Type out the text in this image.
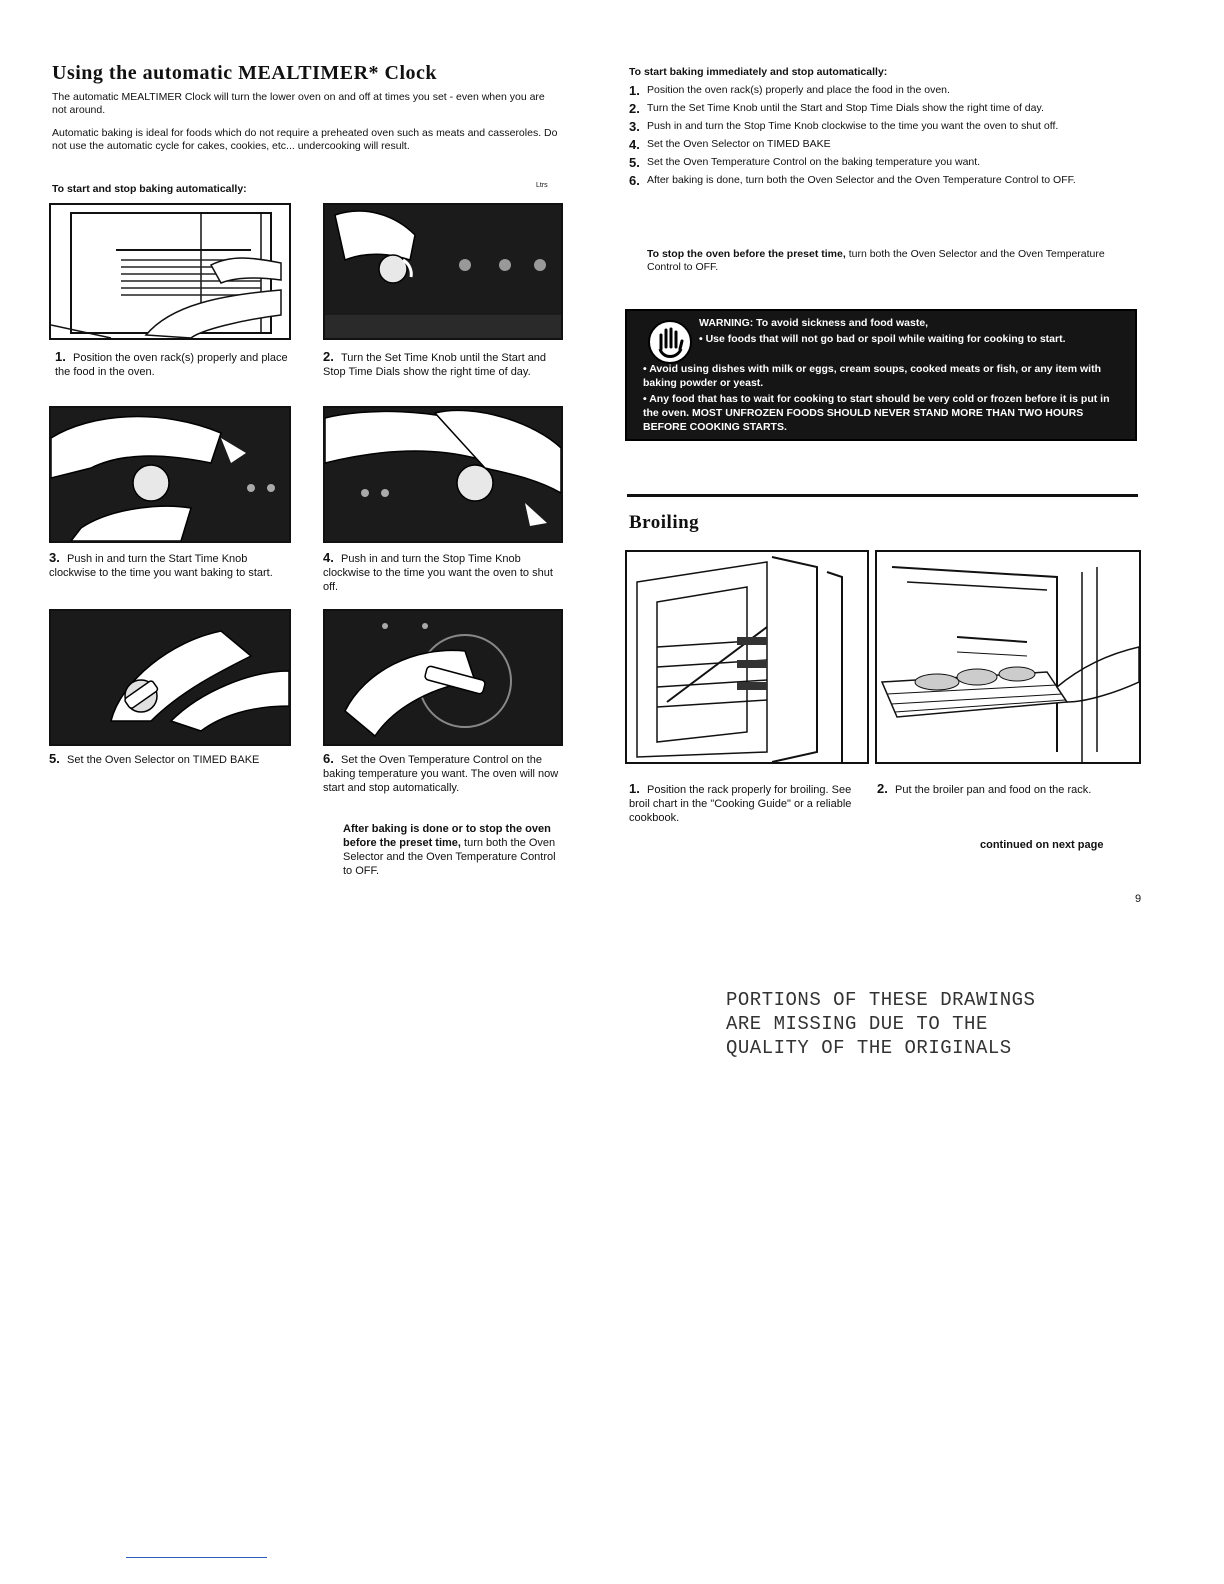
Using the automatic MEALTIMER* Clock
The automatic MEALTIMER Clock will turn the lower oven on and off at times you set - even when you are not around.
Automatic baking is ideal for foods which do not require a preheated oven such as meats and casseroles. Do not use the automatic cycle for cakes, cookies, etc... undercooking will result.
To start and stop baking automatically:	Ltrs
1. Position the oven rack(s) properly and place the food in the oven.
2. Turn the Set Time Knob until the Start and Stop Time Dials show the right time of day.
3. Push in and turn the Start Time Knob clockwise to the time you want baking to start.
4. Push in and turn the Stop Time Knob clockwise to the time you want the oven to shut off.
5. Set the Oven Selector on TIMED BAKE	6. Set the Oven Temperature Control on the baking temperature you want. The oven will now start and stop automatically.
After baking is done or to stop the oven before the preset time, turn both the Oven Selector and the Oven Temperature Control to OFF.
To start baking immediately and stop automatically:
1. Position the oven rack(s) properly and place the food in the oven.
2. Turn the Set Time Knob until the Start and Stop Time Dials show the right time of day.
3. Push in and turn the Stop Time Knob clockwise to the time you want the oven to shut off.
4. Set the Oven Selector on TIMED BAKE
5. Set the Oven Temperature Control on the baking temperature you want.
6. After baking is done, turn both the Oven Selector and the Oven Temperature Control to OFF.
To stop the oven before the preset time, turn both the Oven Selector and the Oven Temperature Control to OFF.
WARNING: To avoid sickness and food waste,
• Use foods that will not go bad or spoil while waiting for cooking to start.
• Avoid using dishes with milk or eggs, cream soups, cooked meats or fish, or any item with baking powder or yeast.
• Any food that has to wait for cooking to start should be very cold or frozen before it is put in the oven. MOST UNFROZEN FOODS SHOULD NEVER STAND MORE THAN TWO HOURS BEFORE COOKING STARTS.
Broiling
1. Position the rack properly for broiling. See broil chart in the "Cooking Guide" or a reliable cookbook.
2. Put the broiler pan and food on the rack.
continued on next page
9
PORTIONS OF THESE DRAWINGS
ARE MISSING DUE TO THE
QUALITY OF THE ORIGINALS
